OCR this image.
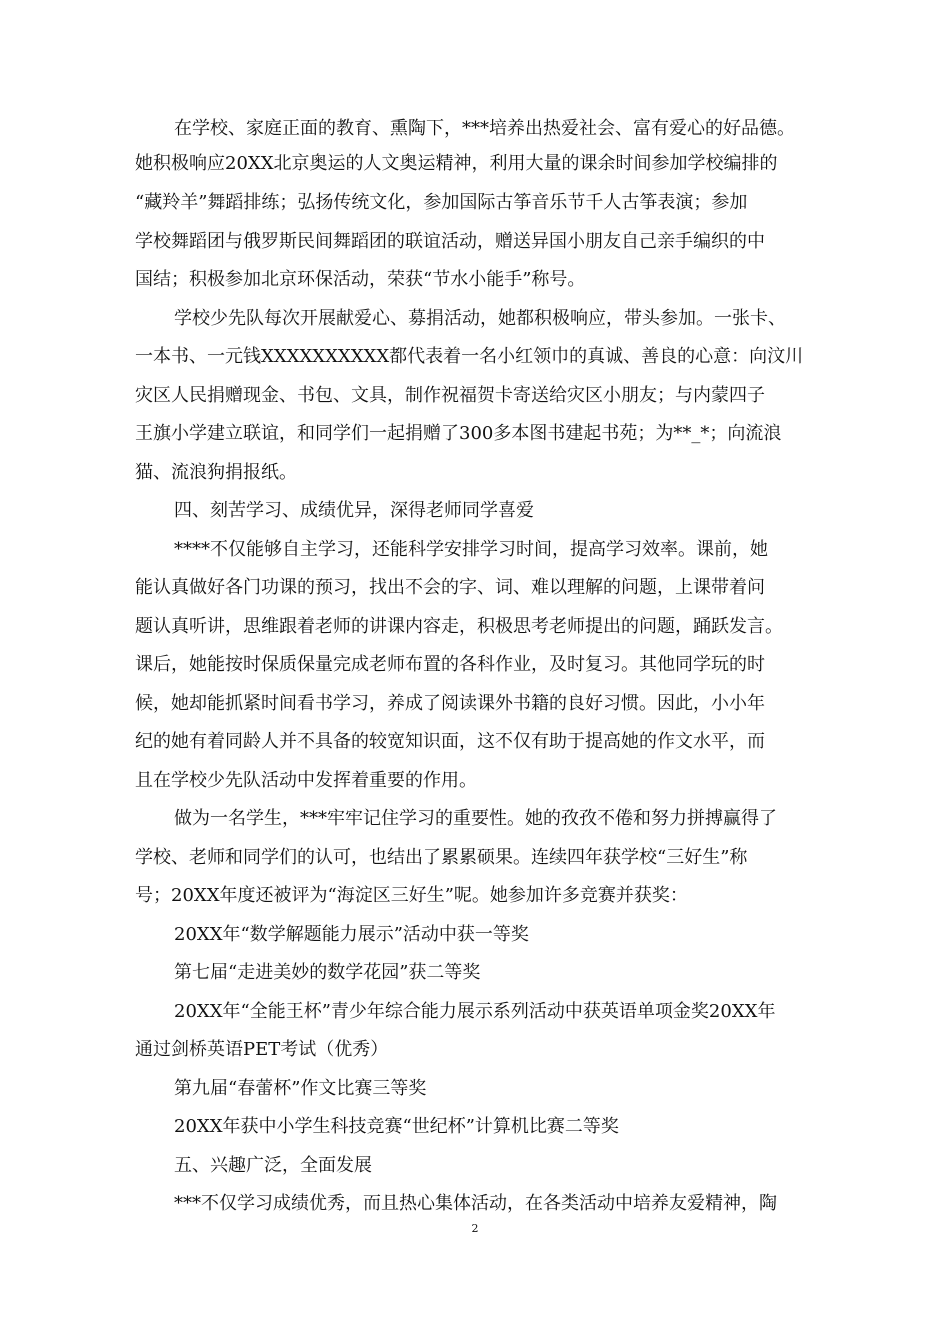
在学校、家庭正面的教育、熏陶下，***培养出热爱社会、富有爱心的好品德。
她积极响应20XX北京奥运的人文奥运精神，利用大量的课余时间参加学校编排的
“藏羚羊”舞蹈排练；弘扬传统文化，参加国际古筝音乐节千人古筝表演；参加
学校舞蹈团与俄罗斯民间舞蹈团的联谊活动，赠送异国小朋友自己亲手编织的中
国结；积极参加北京环保活动，荣获“节水小能手”称号。
学校少先队每次开展献爱心、募捐活动，她都积极响应，带头参加。一张卡、
一本书、一元钱XXXXXXXXXX都代表着一名小红领巾的真诚、善良的心意：向汶川
灾区人民捐赠现金、书包、文具，制作祝福贺卡寄送给灾区小朋友；与内蒙四子
王旗小学建立联谊，和同学们一起捐赠了300多本图书建起书苑；为**_*；向流浪
猫、流浪狗捐报纸。
四、刻苦学习、成绩优异，深得老师同学喜爱
****不仅能够自主学习，还能科学安排学习时间，提高学习效率。课前，她
能认真做好各门功课的预习，找出不会的字、词、难以理解的问题，上课带着问
题认真听讲，思维跟着老师的讲课内容走，积极思考老师提出的问题，踊跃发言。
课后，她能按时保质保量完成老师布置的各科作业，及时复习。其他同学玩的时
候，她却能抓紧时间看书学习，养成了阅读课外书籍的良好习惯。因此，小小年
纪的她有着同龄人并不具备的较宽知识面，这不仅有助于提高她的作文水平，而
且在学校少先队活动中发挥着重要的作用。
做为一名学生，***牢牢记住学习的重要性。她的孜孜不倦和努力拼搏赢得了
学校、老师和同学们的认可，也结出了累累硕果。连续四年获学校“三好生”称
号；20XX年度还被评为“海淀区三好生”呢。她参加许多竞赛并获奖：
20XX年“数学解题能力展示”活动中获一等奖
第七届“走进美妙的数学花园”获二等奖
20XX年“全能王杯”青少年综合能力展示系列活动中获英语单项金奖20XX年
通过剑桥英语PET考试（优秀）
第九届“春蕾杯”作文比赛三等奖
20XX年获中小学生科技竞赛“世纪杯”计算机比赛二等奖
五、兴趣广泛，全面发展
***不仅学习成绩优秀，而且热心集体活动，在各类活动中培养友爱精神，陶
2
